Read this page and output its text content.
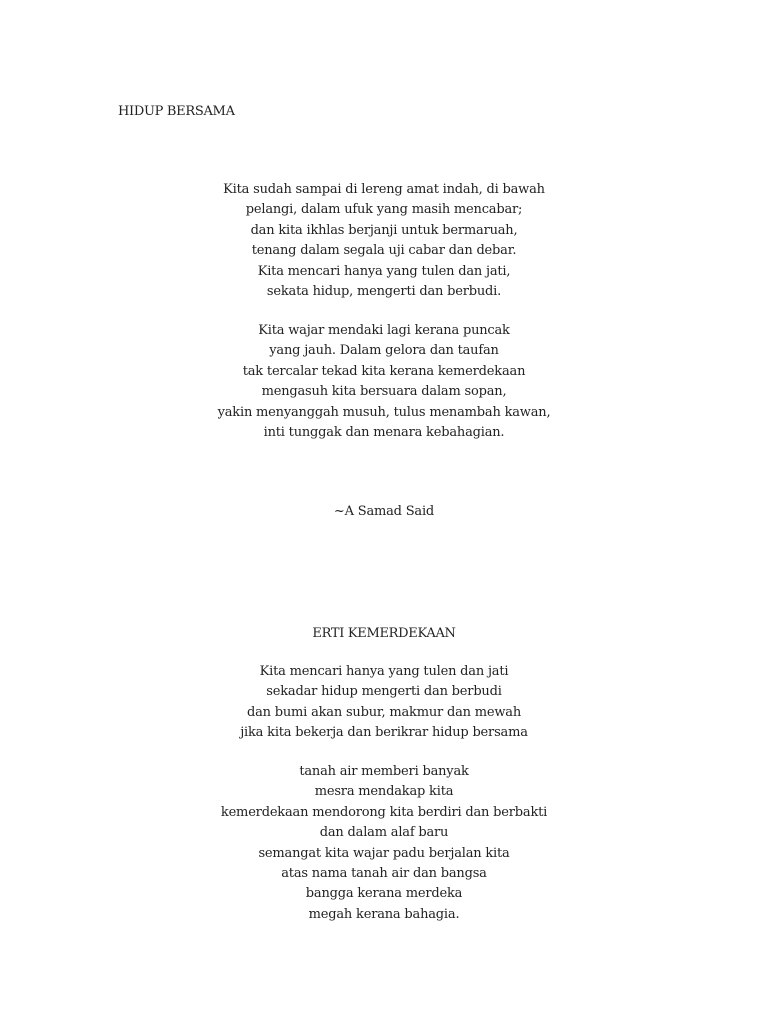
HIDUP BERSAMA
Kita sudah sampai di lereng amat indah, di bawah
pelangi, dalam ufuk yang masih mencabar;
dan kita ikhlas berjanji untuk bermaruah,
tenang dalam segala uji cabar dan debar.
Kita mencari hanya yang tulen dan jati,
sekata hidup, mengerti dan berbudi.
Kita wajar mendaki lagi kerana puncak
yang jauh. Dalam gelora dan taufan
tak tercalar tekad kita kerana kemerdekaan
mengasuh kita bersuara dalam sopan,
yakin menyanggah musuh, tulus menambah kawan,
inti tunggak dan menara kebahagian.
~A Samad Said
ERTI KEMERDEKAAN
Kita mencari hanya yang tulen dan jati
sekadar hidup mengerti dan berbudi
dan bumi akan subur, makmur dan mewah
jika kita bekerja dan berikrar hidup bersama
tanah air memberi banyak
mesra mendakap kita
kemerdekaan mendorong kita berdiri dan berbakti
dan dalam alaf baru
semangat kita wajar padu berjalan kita
atas nama tanah air dan bangsa
bangga kerana merdeka
megah kerana bahagia.
